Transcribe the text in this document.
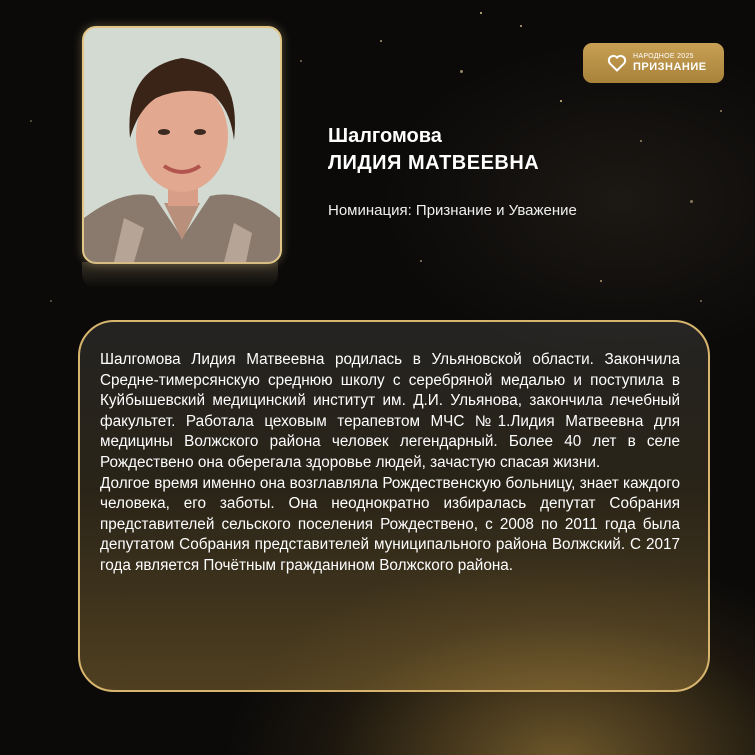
НАРОДНОЕ 2025
ПРИЗНАНИЕ
Шалгомова
ЛИДИЯ МАТВЕЕВНА
Номинация: Признание и Уважение

Шалгомова Лидия Матвеевна родилась в Ульяновской области. Закончила Средне-тимерсянскую среднюю школу с серебряной медалью и поступила в Куйбышевский медицинский институт им. Д.И. Ульянова, закончила лечебный факультет. Работала цеховым терапевтом МЧС №1.Лидия Матвеевна для медицины Волжского района человек легендарный. Более 40 лет в селе Рождествено она оберегала здоровье людей, зачастую спасая жизни.

Долгое время именно она возглавляла Рождественскую больницу, знает каждого человека, его заботы. Она неоднократно избиралась депутат Собрания представителей сельского поселения Рождествено, с 2008 по 2011 года была депутатом Собрания представителей муниципального района Волжский. С 2017 года является Почётным гражданином Волжского района.
